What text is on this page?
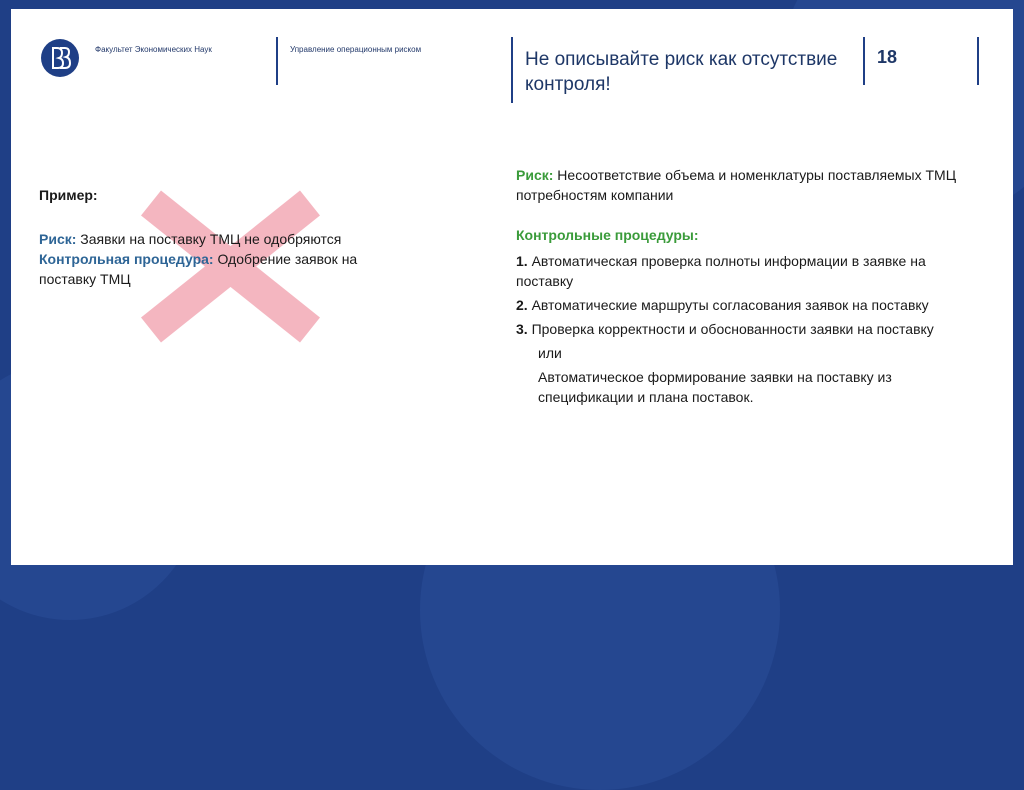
Факультет Экономических Наук	Управление операционным риском	Не описывайте риск как отсутствие контроля!
18

Пример:

Риск: Заявки на поставку ТМЦ не одобряются

Контрольная процедура: Одобрение заявок на поставку ТМЦ

Риск: Несоответствие объема и номенклатуры поставляемых ТМЦ потребностям компании

Контрольные процедуры:

1. Автоматическая проверка полноты информации в заявке на поставку

2. Автоматические маршруты согласования заявок на поставку

3. Проверка корректности и обоснованности заявки на поставку

или

Автоматическое формирование заявки на поставку из спецификации и плана поставок.
